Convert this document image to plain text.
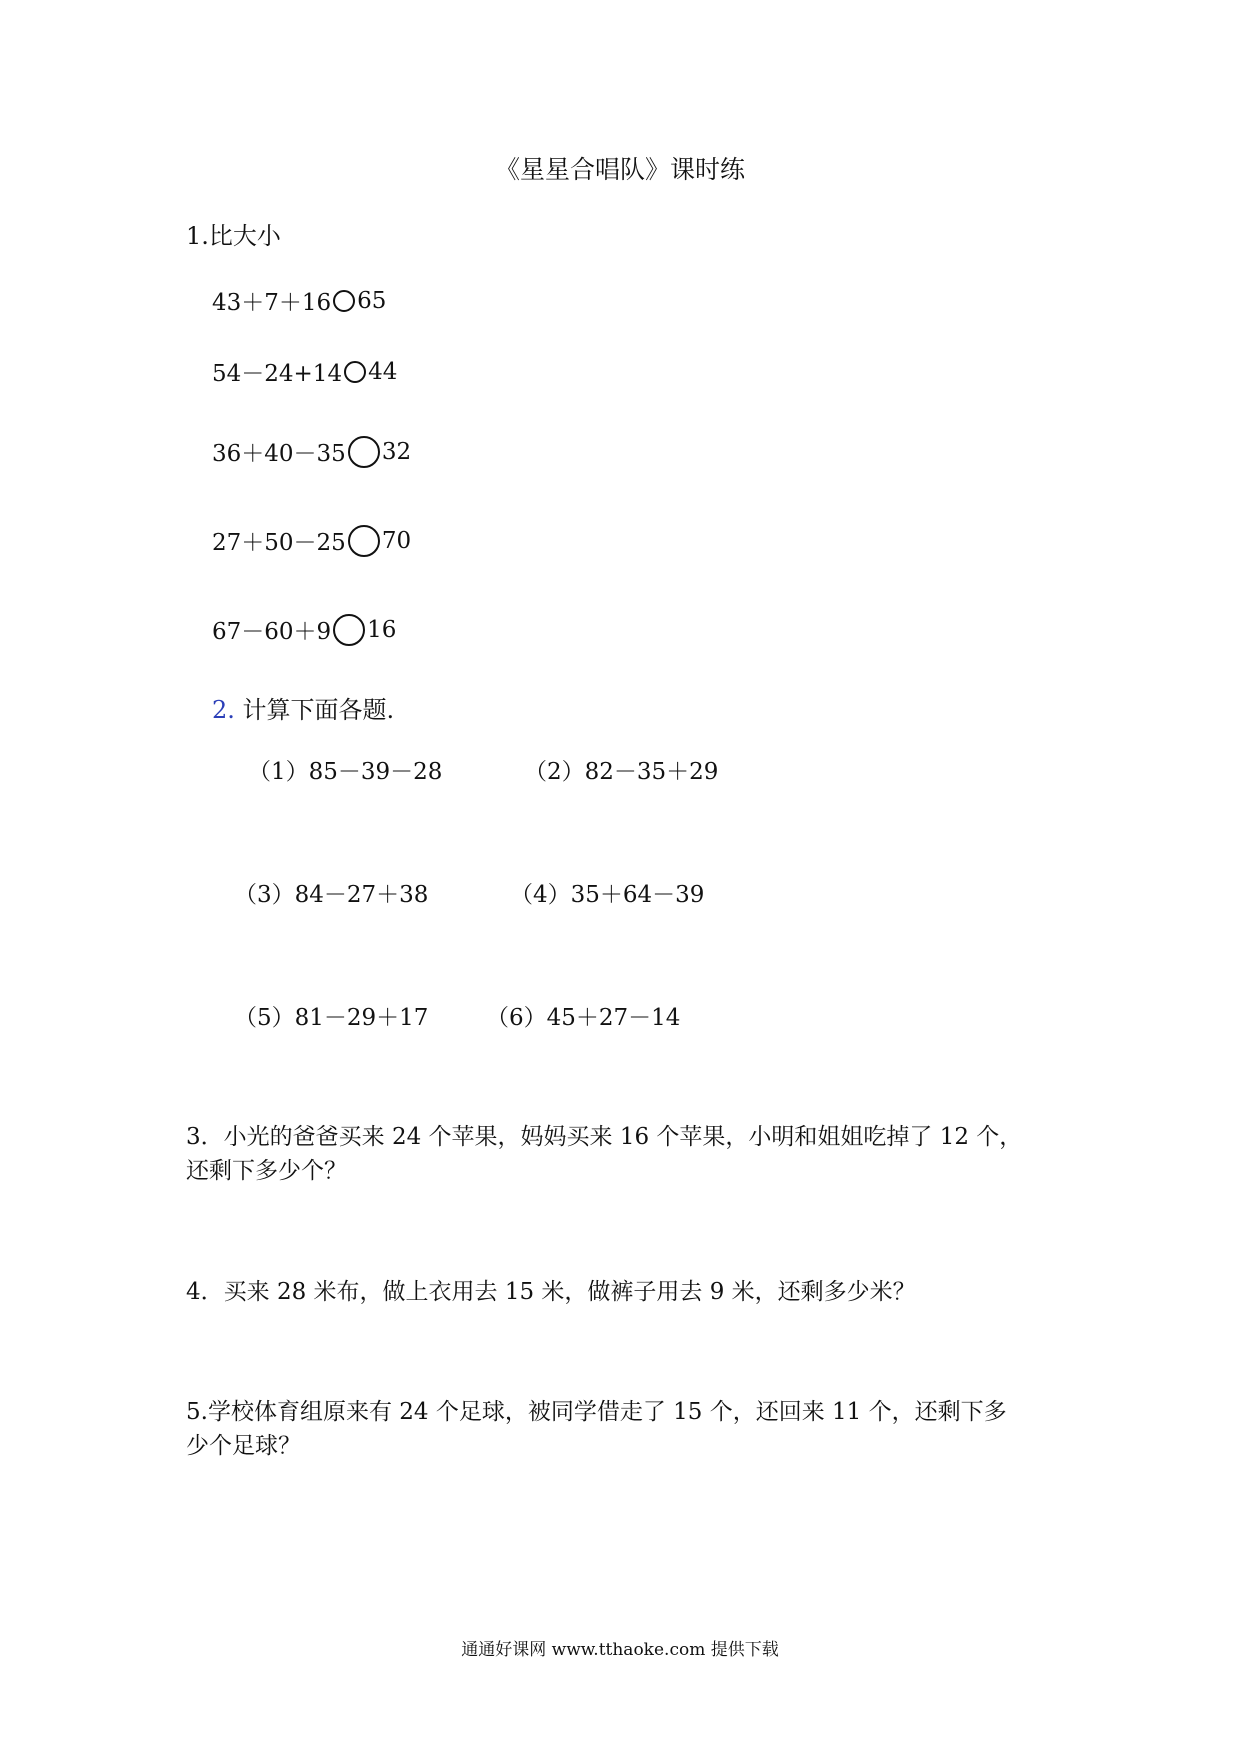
《星星合唱队》课时练
1.比大小
43＋7＋16 65
54－24+14 44
36＋40－35 32
27＋50－25 70
67－60＋9 16
2. 计算下面各题.
（1）85－39－28	（2）82－35＋29
（3）84－27＋38	（4）35＋64－39
（5）81－29＋17	（6）45＋27－14
3．小光的爸爸买来 24 个苹果，妈妈买来 16 个苹果，小明和姐姐吃掉了 12 个，
还剩下多少个？
4．买来 28 米布，做上衣用去 15 米，做裤子用去 9 米，还剩多少米？
5.学校体育组原来有 24 个足球，被同学借走了 15 个，还回来 11 个，还剩下多
少个足球？
通通好课网 www.tthaoke.com 提供下载
